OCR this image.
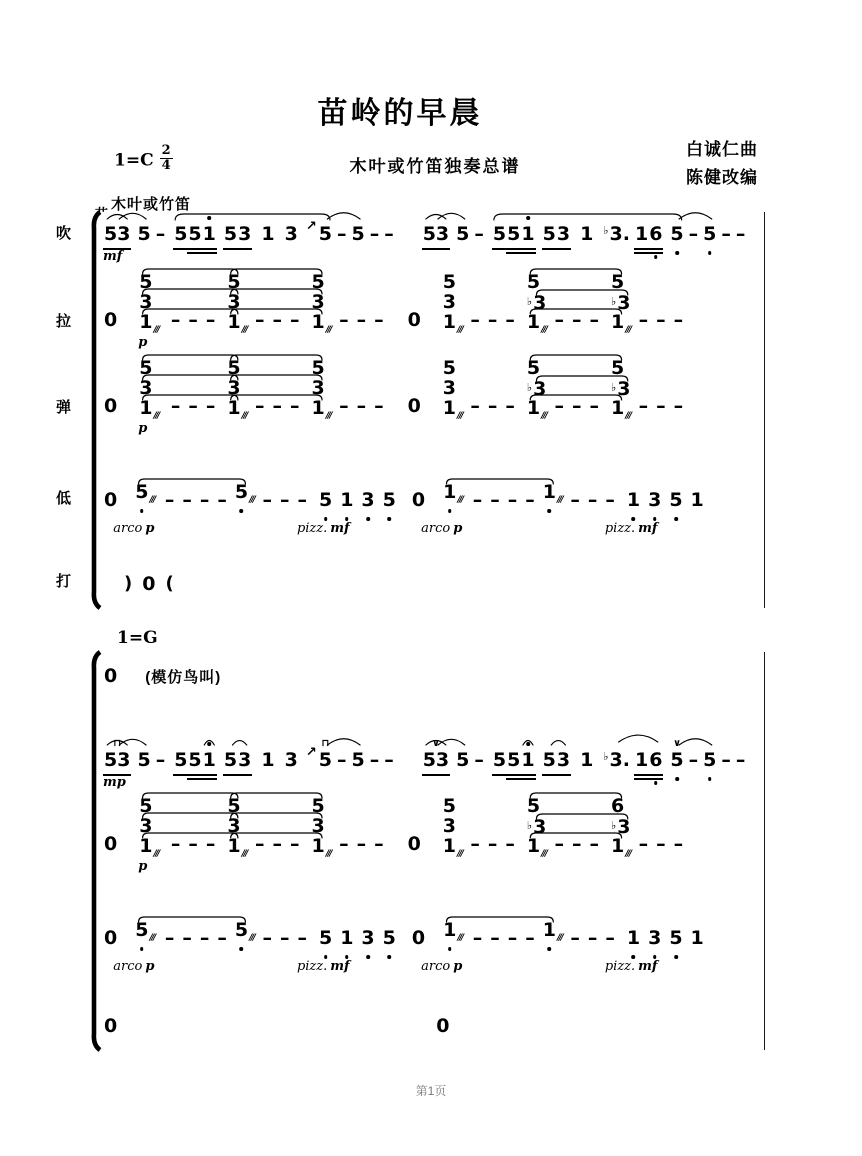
苗岭的早晨
$1=C \frac{2}{4}$	木叶或竹笛独奏总谱
白诚仁曲
陈健改编
吹
拉
弹
低
打
艹
木叶或竹笛
1=G
53 5 – 5 5 1 5 3 1 3 ↗ 5 – 5 – – 53 5 – 5 5 1 5 3 1 ♭3. 1 6 5 – 5 – –
mf
0
5
3
$1_{///}$ – – –
5
3
$1_{///}$ – – –
5
3
$1_{///}$ – – – 0
5
3
$1_{///}$ – – –
5
♭3
$1_{///}$ – – –
5
♭3
$1_{///}$ – – –
p
0
5
3
$1_{///}$ – – –
5
3
$1_{///}$ – – –
5
3
$1_{///}$ – – – 0
5
3
$1_{///}$ – – –
5
♭3
$1_{///}$ – – –
5
♭3
$1_{///}$ – – –
p
0 5
$_{///}$ – – – – 5
$_{///}$ – – – 5 1 3 5 0 1
$_{///}$ – – – – 1
$_{///}$ – – – 1 3 5 1
arco p	pizz. mf	arco p	pizz. mf
) 0 (
0 (模仿鸟叫)
53
⊓
5 – 5 5 1 5 3 1 3 ↗ 5
⊓
– 5 – – 53
∨
5 – 5 5 1 5 3 1 ♭3. 1 6 5
∨
– 5 – –
mp
0
5
3
$1_{///}$ – – –
5
3
$1_{///}$ – – –
5
3
$1_{///}$ – – – 0
5
3
$1_{///}$ – – –
5
♭3
$1_{///}$ – – –
6
♭3
$1_{///}$ – – –
p
0 5
$_{///}$ – – – – 5
$_{///}$ – – – 5 1 3 5 0 1
$_{///}$ – – – – 1
$_{///}$ – – – 1 3 5 1
arco p	pizz. mf	arco p	pizz. mf
0	0
第1页
